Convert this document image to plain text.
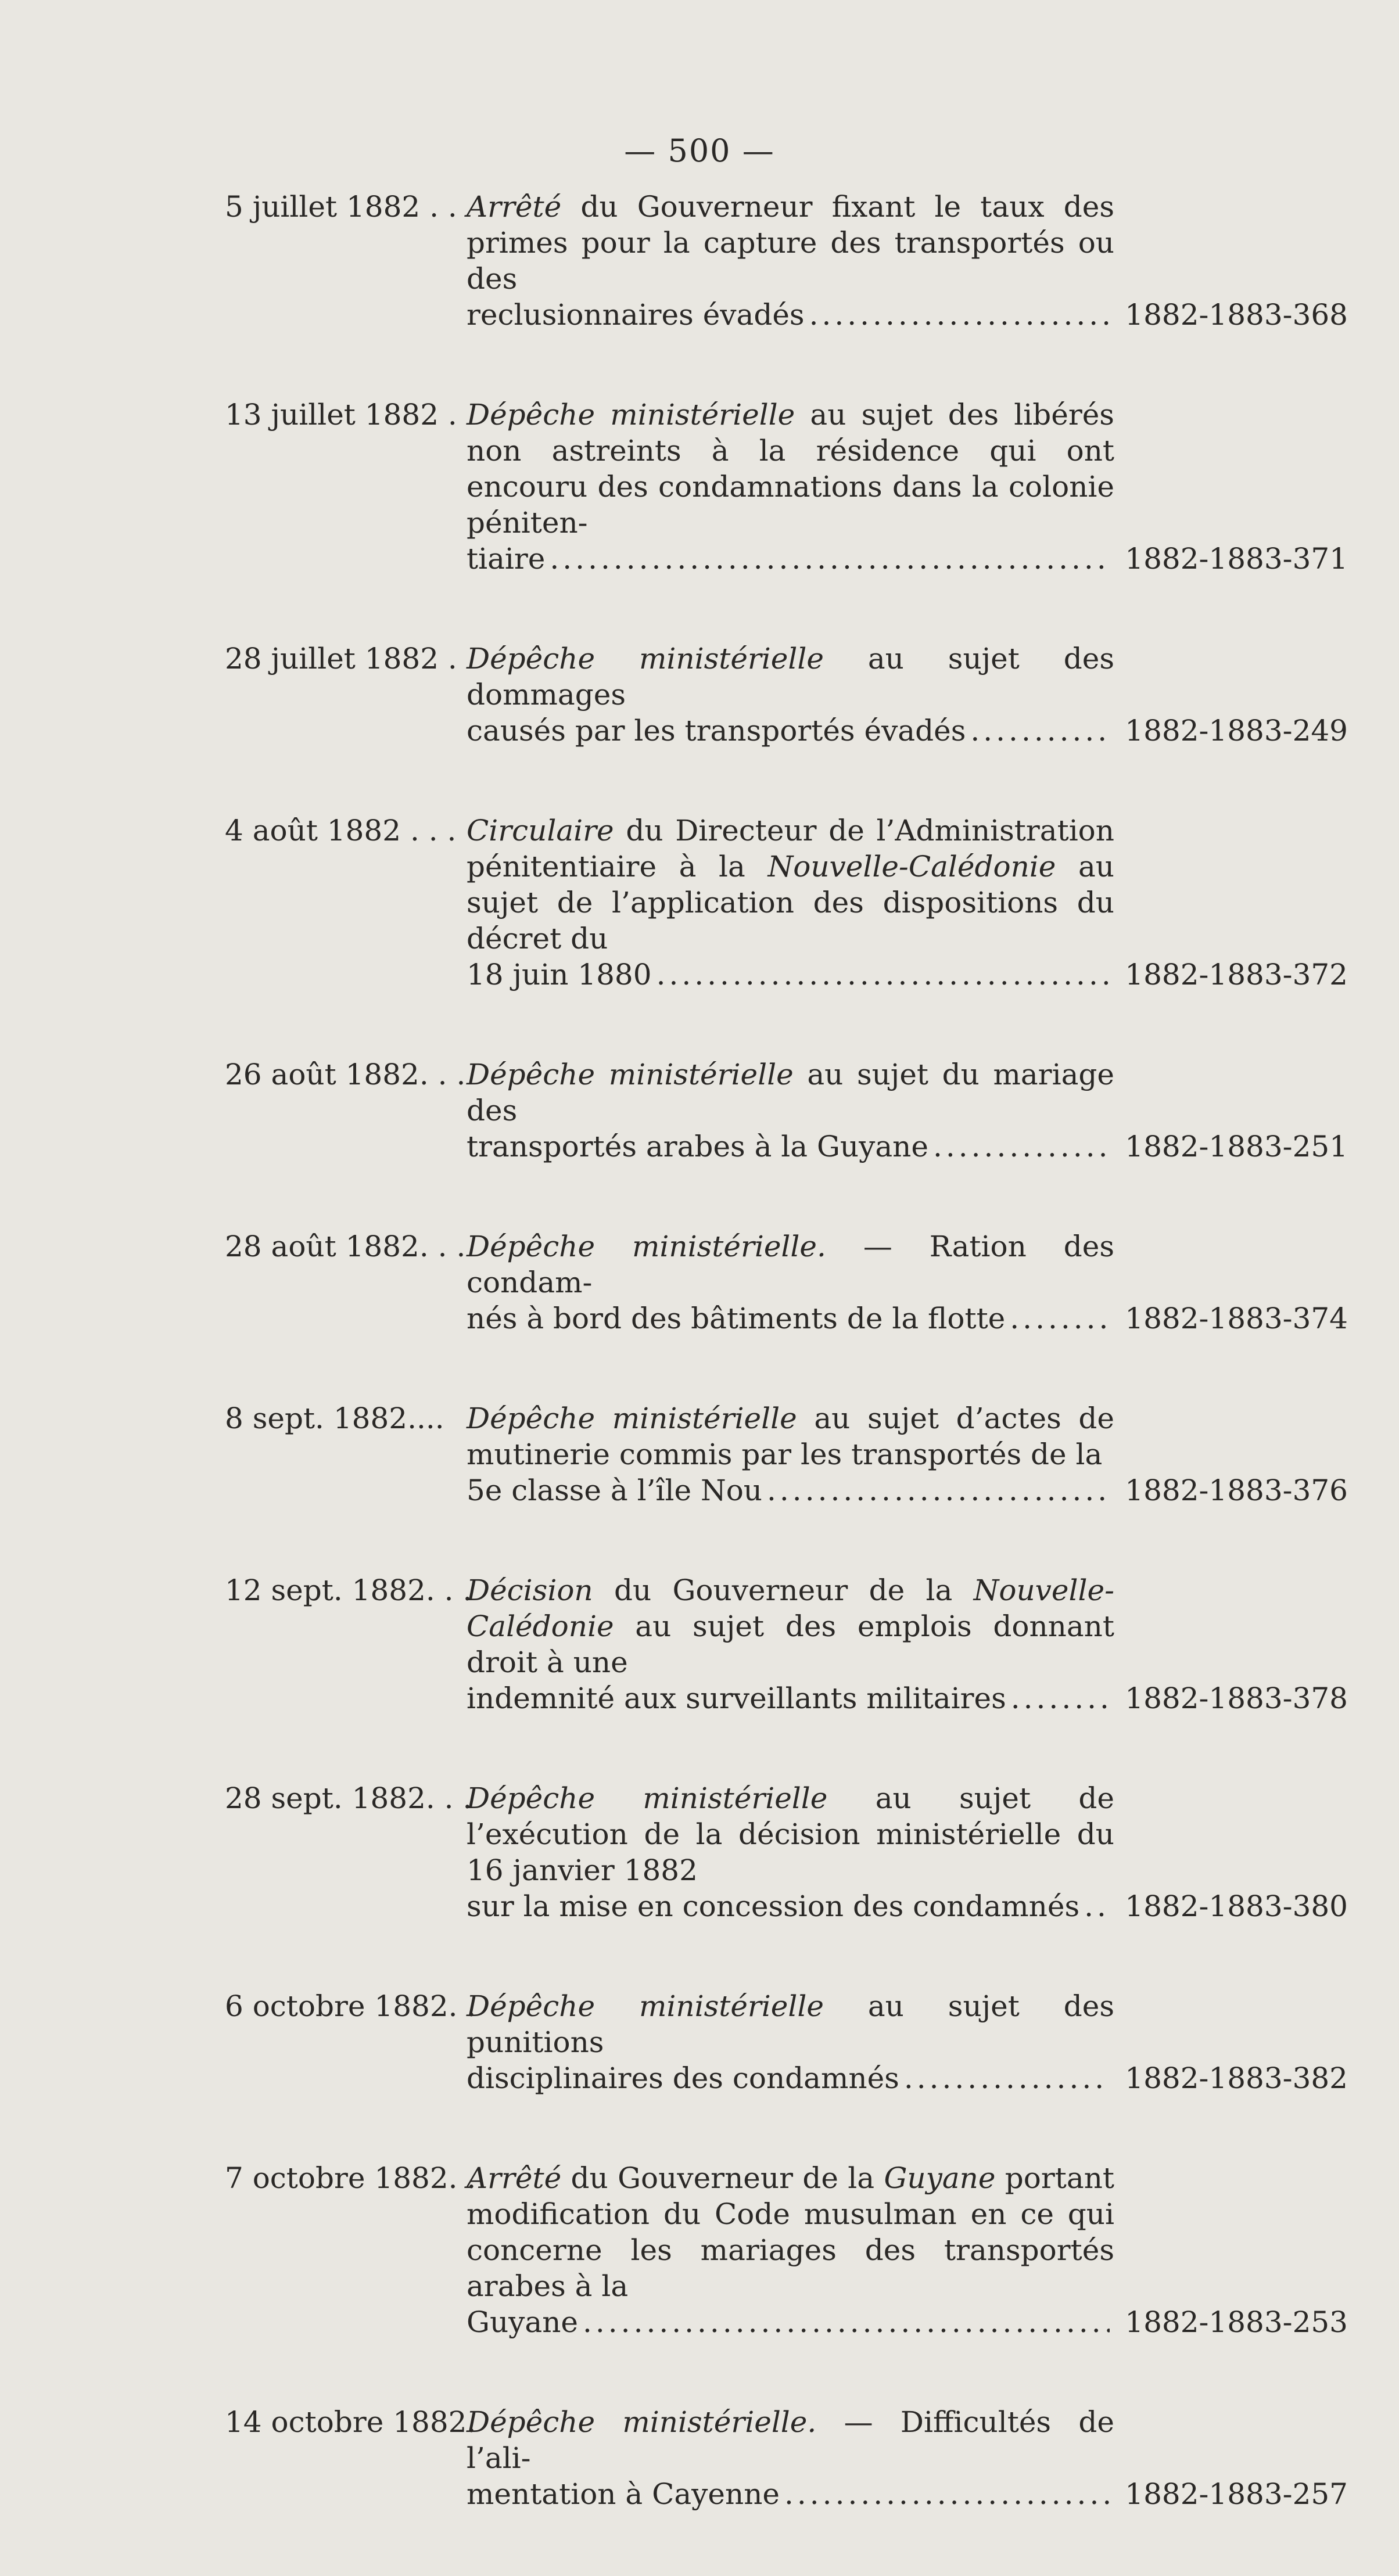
— 500 —
5 juillet 1882 . . Arrêté du Gouverneur fixant le taux des primes pour la capture des transportés ou des
reclusionnaires évadés .....	1882-1883-368
13 juillet 1882 . Dépêche ministérielle au sujet des libérés non astreints à la résidence qui ont encouru des condamnations dans la colonie péniten-
tiaire .....	1882-1883-371
28 juillet 1882 . Dépêche ministérielle au sujet des dommages
causés par les transportés évadés .....	1882-1883-249
4 août 1882 . . . Circulaire du Directeur de l’Administration pénitentiaire à la Nouvelle-Calédonie au sujet de l’application des dispositions du décret du
18 juin 1880 .....	1882-1883-372
26 août 1882. . . Dépêche ministérielle au sujet du mariage des
transportés arabes à la Guyane .....	1882-1883-251
28 août 1882. . . Dépêche ministérielle. — Ration des condam-
nés à bord des bâtiments de la flotte .....	1882-1883-374
8 sept. 1882.... Dépêche ministérielle au sujet d’actes de mutinerie commis par les transportés de la
5e classe à l’île Nou .....	1882-1883-376
12 sept. 1882. . .
Décision du Gouverneur de la Nouvelle-Calédonie au sujet des emplois donnant droit à une
indemnité aux surveillants militaires .....	1882-1883-378
28 sept. 1882. . .
Dépêche ministérielle au sujet de l’exécution de la décision ministérielle du 16 janvier 1882
sur la mise en concession des condamnés ..... 1882-1883-380
6 octobre 1882. .
Dépêche ministérielle au sujet des punitions
disciplinaires des condamnés .....	1882-1883-382
7 octobre 1882. .
Arrêté du Gouverneur de la Guyane portant modification du Code musulman en ce qui concerne les mariages des transportés arabes à la
Guyane .....	1882-1883-253
14 octobre 1882.
Dépêche ministérielle. — Difficultés de l’ali-
mentation à Cayenne .....	1882-1883-257
